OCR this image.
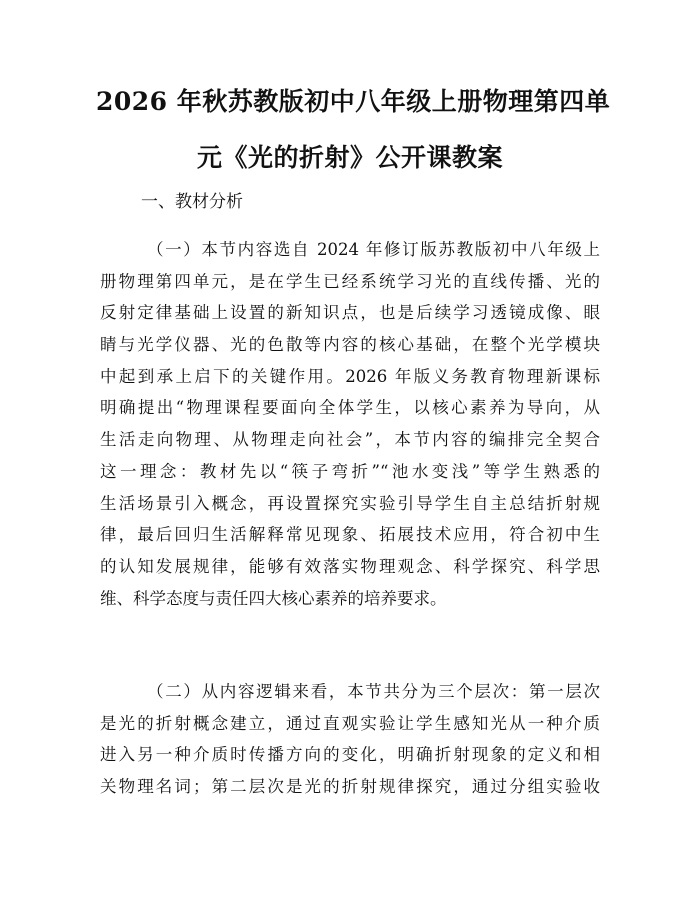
2026 年秋苏教版初中八年级上册物理第四单
元《光的折射》公开课教案
一、教材分析
（一）本节内容选自 2024 年修订版苏教版初中八年级上
册物理第四单元，是在学生已经系统学习光的直线传播、光的
反射定律基础上设置的新知识点，也是后续学习透镜成像、眼
睛与光学仪器、光的色散等内容的核心基础，在整个光学模块
中起到承上启下的关键作用。2026 年版义务教育物理新课标
明确提出“物理课程要面向全体学生，以核心素养为导向，从
生活走向物理、从物理走向社会”，本节内容的编排完全契合
这一理念：教材先以“筷子弯折”“池水变浅”等学生熟悉的
生活场景引入概念，再设置探究实验引导学生自主总结折射规
律，最后回归生活解释常见现象、拓展技术应用，符合初中生
的认知发展规律，能够有效落实物理观念、科学探究、科学思
维、科学态度与责任四大核心素养的培养要求。
（二）从内容逻辑来看，本节共分为三个层次：第一层次
是光的折射概念建立，通过直观实验让学生感知光从一种介质
进入另一种介质时传播方向的变化，明确折射现象的定义和相
关物理名词；第二层次是光的折射规律探究，通过分组实验收
